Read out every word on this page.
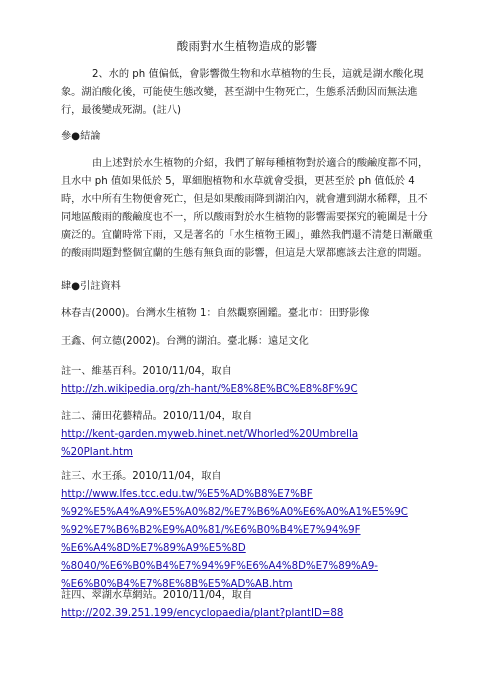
酸雨對水生植物造成的影響
2、水的 ph 值偏低，會影響微生物和水草植物的生長，這就是湖水酸化現象。湖泊酸化後，可能使生態改變，甚至湖中生物死亡，生態系活動因而無法進行，最後變成死湖。(註八)
參●結論
由上述對於水生植物的介紹，我們了解每種植物對於適合的酸鹼度都不同，且水中 ph 值如果低於 5，單細胞植物和水草就會受損，更甚至於 ph 值低於 4 時，水中所有生物便會死亡，但是如果酸雨降到湖泊內，就會遭到湖水稀釋，且不同地區酸雨的酸鹼度也不一，所以酸雨對於水生植物的影響需要探究的範圍是十分廣泛的。宜蘭時常下雨，又是著名的「水生植物王國」，雖然我們還不清楚日漸嚴重的酸雨問題對整個宜蘭的生態有無負面的影響，但這是大眾都應該去注意的問題。
肆●引註資料
林春吉(2000)。台灣水生植物 1：自然觀察圖鑑。臺北市：田野影像
王鑫、何立德(2002)。台灣的湖泊。臺北縣：遠足文化
註一、維基百科。2010/11/04，取自
http://zh.wikipedia.org/zh-hant/%E8%8E%BC%E8%8F%9C
註二、蒲田花藝精品。2010/11/04，取自
http://kent-garden.myweb.hinet.net/Whorled%20Umbrella
%20Plant.htm
註三、水王孫。2010/11/04，取自
http://www.lfes.tcc.edu.tw/%E5%AD%B8%E7%BF
%92%E5%A4%A9%E5%A0%82/%E7%B6%A0%E6%A0%A1%E5%9C
%92%E7%B6%B2%E9%A0%81/%E6%B0%B4%E7%94%9F
%E6%A4%8D%E7%89%A9%E5%8D
%8040/%E6%B0%B4%E7%94%9F%E6%A4%8D%E7%89%A9-
%E6%B0%B4%E7%8E%8B%E5%AD%AB.htm
註四、翠湖水草網站。2010/11/04，取自
http://202.39.251.199/encyclopaedia/plant?plantID=88
